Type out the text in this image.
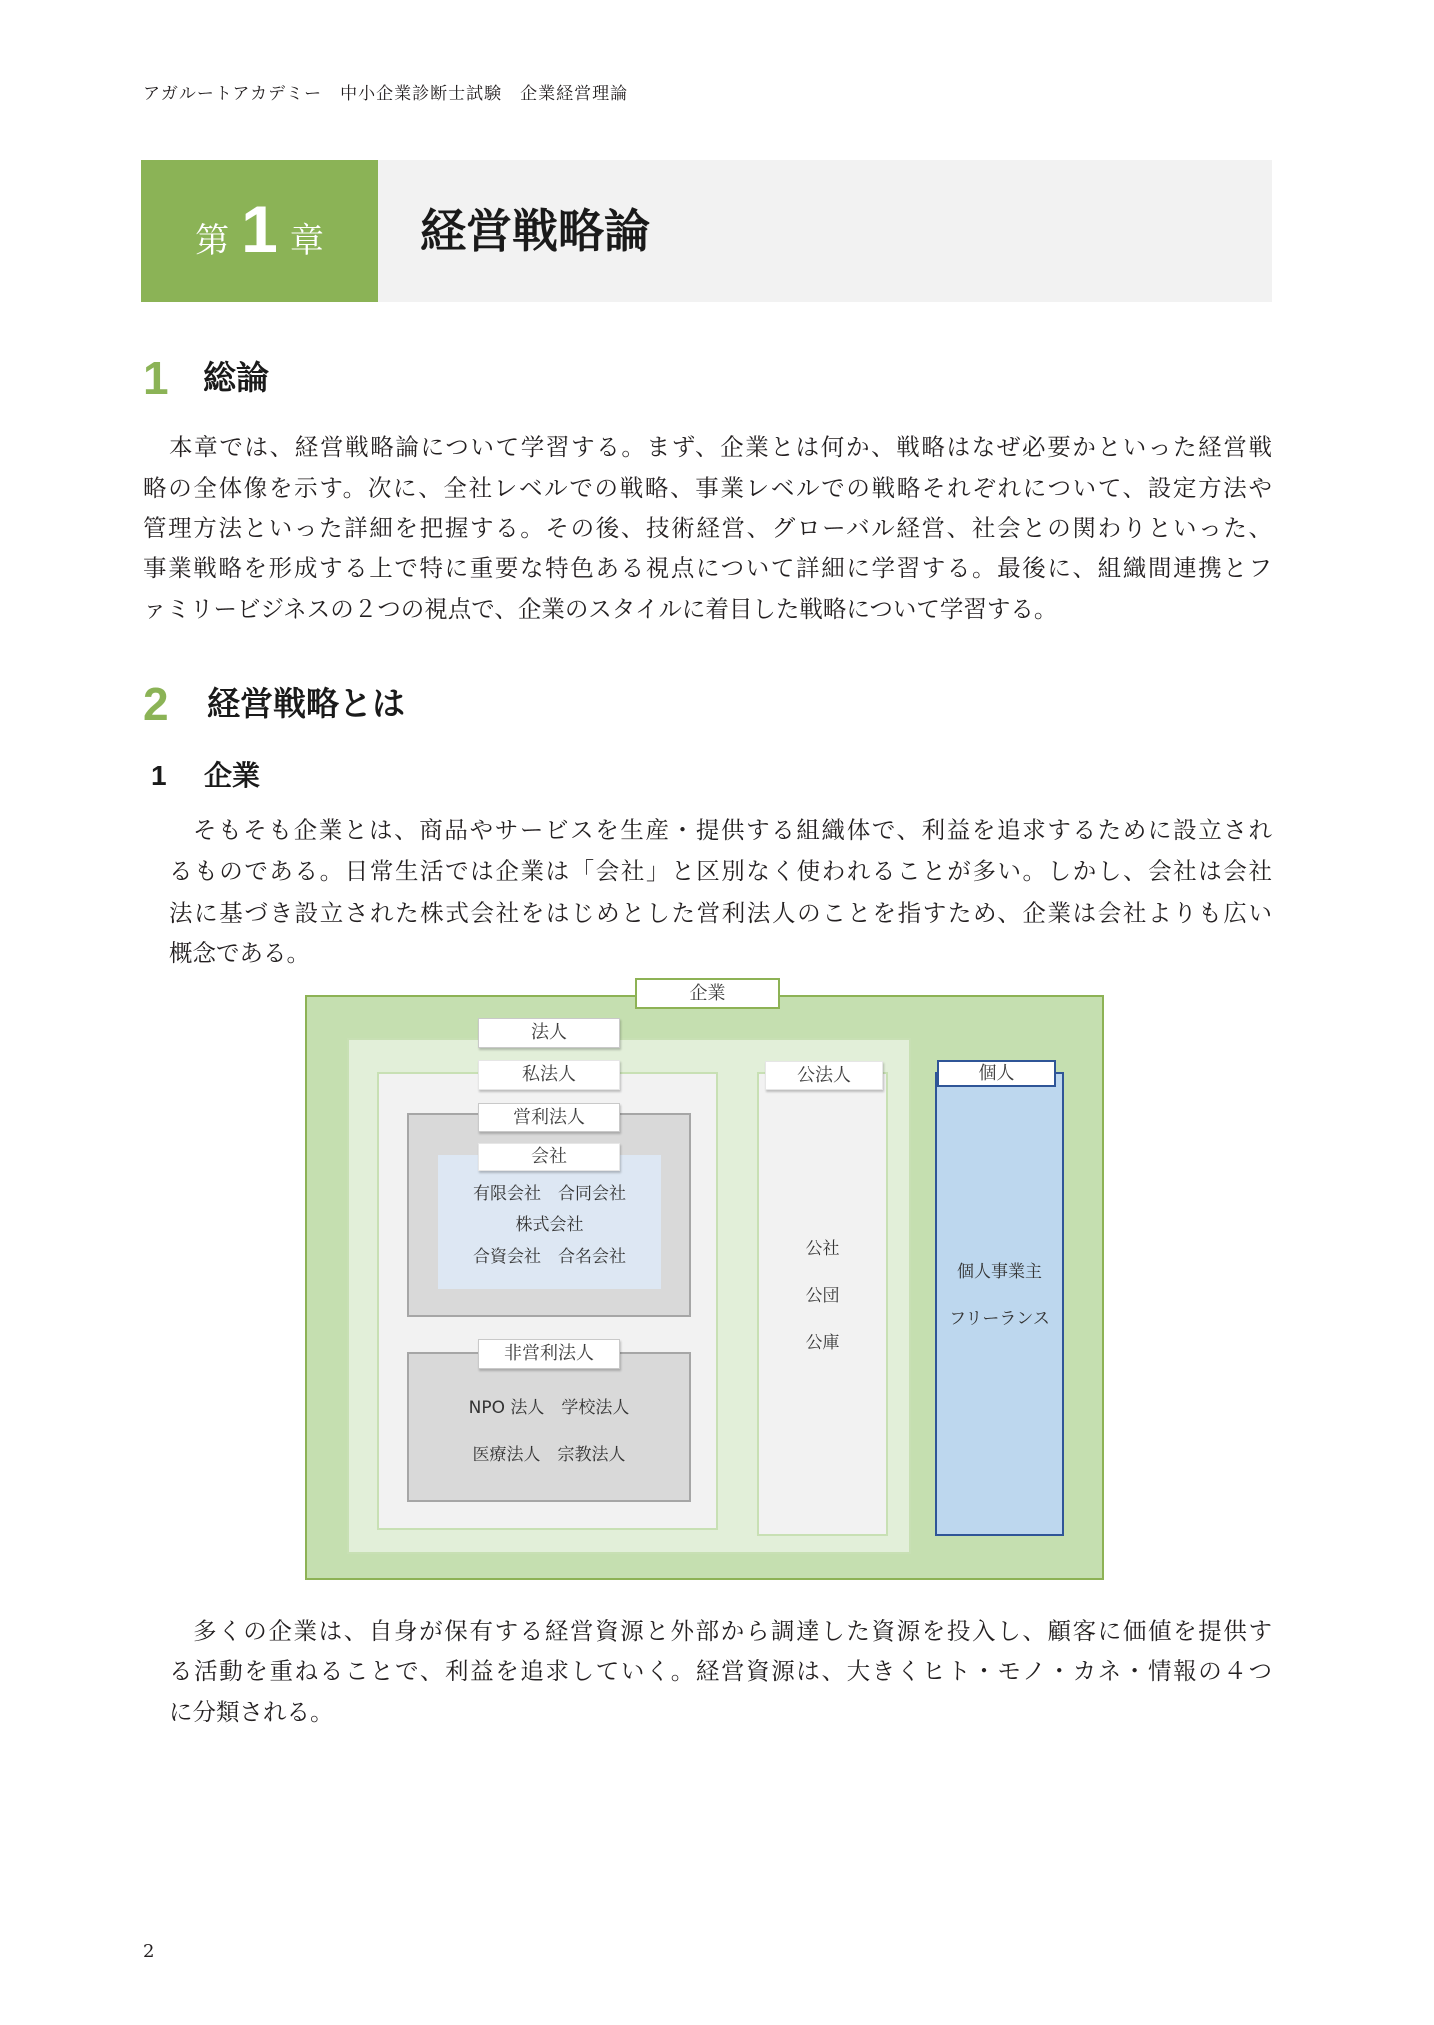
アガルートアカデミー　中小企業診断士試験　企業経営理論
第 1 章 経営戦略論
1 総論
本章では、経営戦略論について学習する。まず、企業とは何か、戦略はなぜ必要かといった経営戦
略の全体像を示す。次に、全社レベルでの戦略、事業レベルでの戦略それぞれについて、設定方法や
管理方法といった詳細を把握する。その後、技術経営、グローバル経営、社会との関わりといった、
事業戦略を形成する上で特に重要な特色ある視点について詳細に学習する。最後に、組織間連携とフ
ァミリービジネスの２つの視点で、企業のスタイルに着目した戦略について学習する。
2 経営戦略とは
1 企業
そもそも企業とは、商品やサービスを生産・提供する組織体で、利益を追求するために設立され
るものである。日常生活では企業は「会社」と区別なく使われることが多い。しかし、会社は会社
法に基づき設立された株式会社をはじめとした営利法人のことを指すため、企業は会社よりも広い
概念である。
企業
法人
私法人	公法人	個人
営利法人
会社
非営利法人
有限会社　合同会社
株式会社
合資会社　合名会社
NPO 法人　学校法人
医療法人　宗教法人
公社
公団
公庫
個人事業主
フリーランス
多くの企業は、自身が保有する経営資源と外部から調達した資源を投入し、顧客に価値を提供す
る活動を重ねることで、利益を追求していく。経営資源は、大きくヒト・モノ・カネ・情報の４つ
に分類される。
2
